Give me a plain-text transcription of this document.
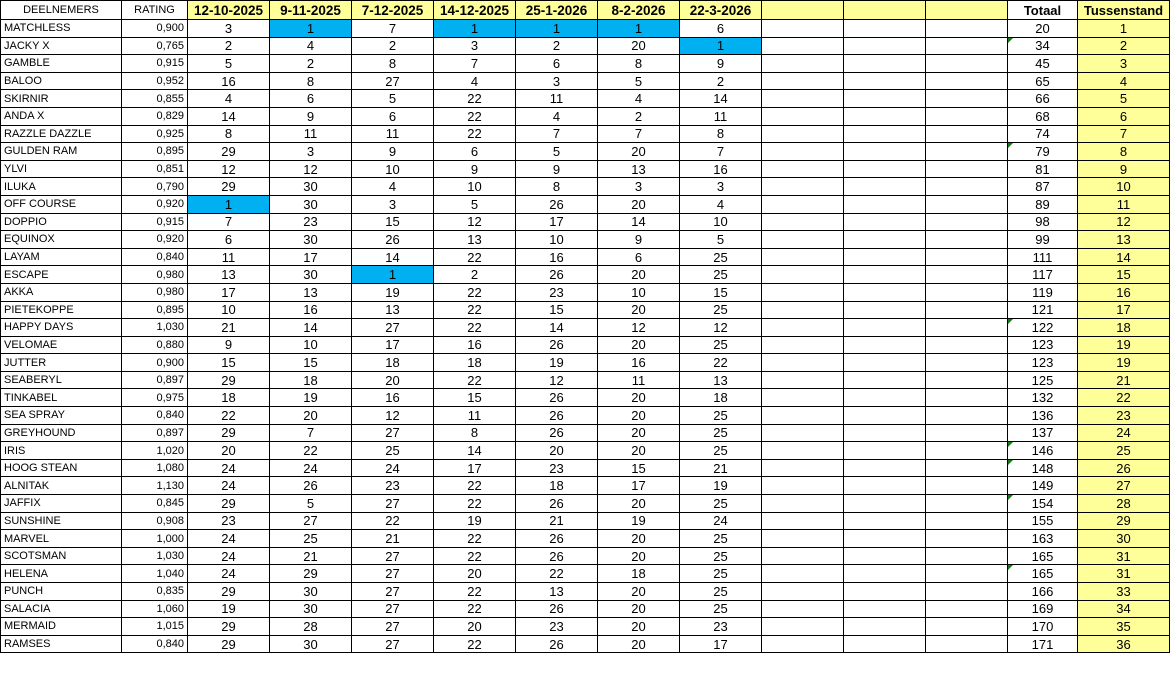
DEELNEMERS	RATING	12-10-2025	9-11-2025	7-12-2025	14-12-2025	25-1-2026	8-2-2026	22-3-2026				Totaal	Tussenstand
MATCHLESS	0,900	3	1	7	1	1	1	6				20	1
JACKY X	0,765	2	4	2	3	2	20	1				34	2
GAMBLE	0,915	5	2	8	7	6	8	9				45	3
BALOO	0,952	16	8	27	4	3	5	2				65	4
SKIRNIR	0,855	4	6	5	22	11	4	14				66	5
ANDA X	0,829	14	9	6	22	4	2	11				68	6
RAZZLE DAZZLE	0,925	8	11	11	22	7	7	8				74	7
GULDEN RAM	0,895	29	3	9	6	5	20	7				79	8
YLVI	0,851	12	12	10	9	9	13	16				81	9
ILUKA	0,790	29	30	4	10	8	3	3				87	10
OFF COURSE	0,920	1	30	3	5	26	20	4				89	11
DOPPIO	0,915	7	23	15	12	17	14	10				98	12
EQUINOX	0,920	6	30	26	13	10	9	5				99	13
LAYAM	0,840	11	17	14	22	16	6	25				111	14
ESCAPE	0,980	13	30	1	2	26	20	25				117	15
AKKA	0,980	17	13	19	22	23	10	15				119	16
PIETEKOPPE	0,895	10	16	13	22	15	20	25				121	17
HAPPY DAYS	1,030	21	14	27	22	14	12	12				122	18
VELOMAE	0,880	9	10	17	16	26	20	25				123	19
JUTTER	0,900	15	15	18	18	19	16	22				123	19
SEABERYL	0,897	29	18	20	22	12	11	13				125	21
TINKABEL	0,975	18	19	16	15	26	20	18				132	22
SEA SPRAY	0,840	22	20	12	11	26	20	25				136	23
GREYHOUND	0,897	29	7	27	8	26	20	25				137	24
IRIS	1,020	20	22	25	14	20	20	25				146	25
HOOG STEAN	1,080	24	24	24	17	23	15	21				148	26
ALNITAK	1,130	24	26	23	22	18	17	19				149	27
JAFFIX	0,845	29	5	27	22	26	20	25				154	28
SUNSHINE	0,908	23	27	22	19	21	19	24				155	29
MARVEL	1,000	24	25	21	22	26	20	25				163	30
SCOTSMAN	1,030	24	21	27	22	26	20	25				165	31
HELENA	1,040	24	29	27	20	22	18	25				165	31
PUNCH	0,835	29	30	27	22	13	20	25				166	33
SALACIA	1,060	19	30	27	22	26	20	25				169	34
MERMAID	1,015	29	28	27	20	23	20	23				170	35
RAMSES	0,840	29	30	27	22	26	20	17				171	36
